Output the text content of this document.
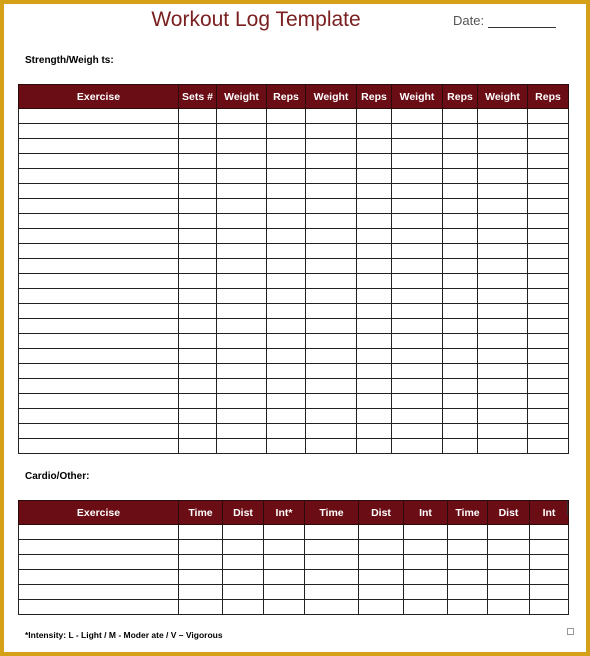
Workout Log Template	Date:
Strength/Weigh ts:
Exercise	Sets #	Weight	Reps	Weight	Reps	Weight	Reps	Weight	Reps

Cardio/Other:
Exercise	Time	Dist	Int*	Time	Dist	Int	Time	Dist	Int

*Intensity: L - Light / M - Moder ate / V – Vigorous
